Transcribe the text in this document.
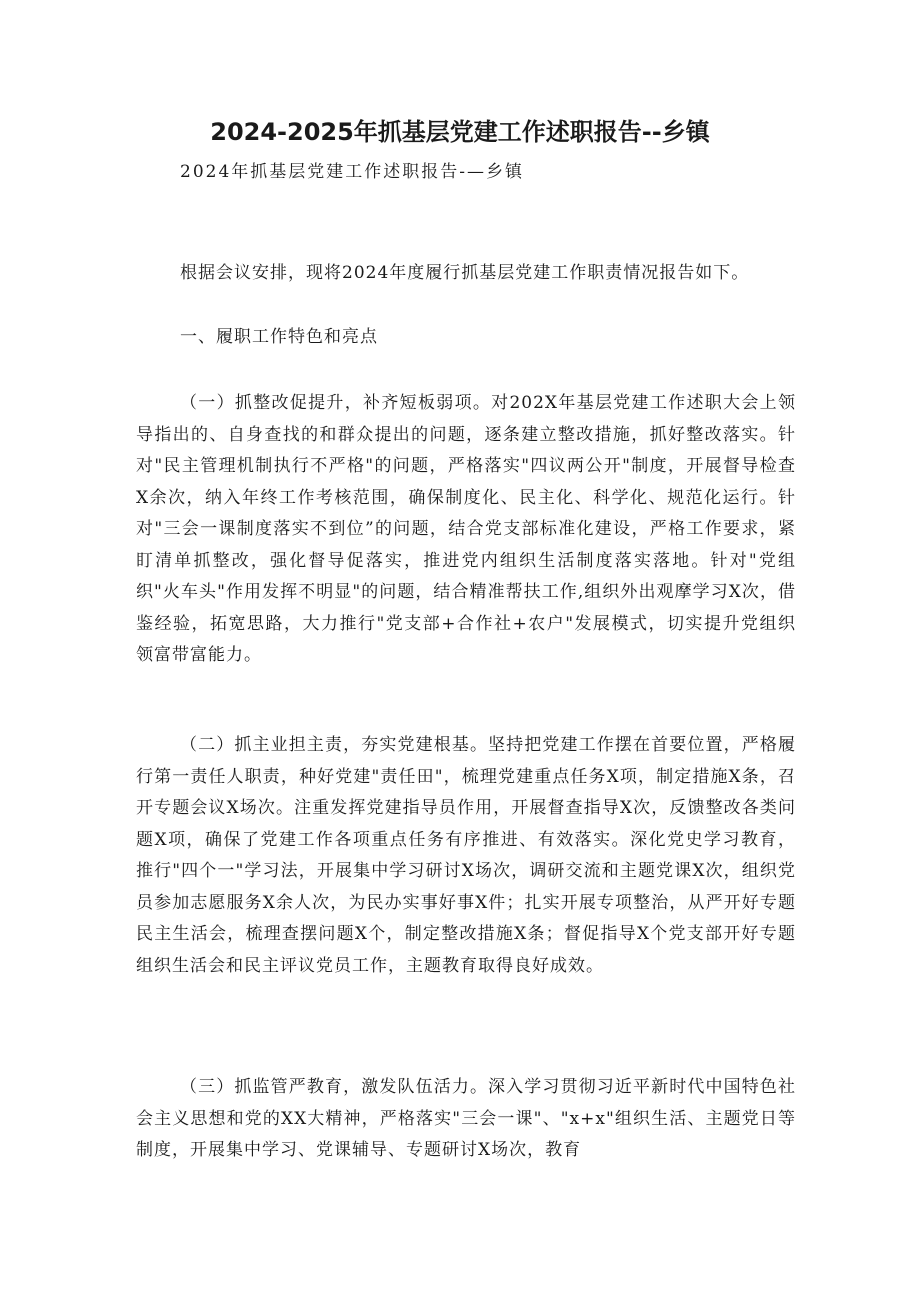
2024-2025年抓基层党建工作述职报告--乡镇

2024年抓基层党建工作述职报告-—乡镇

根据会议安排，现将2024年度履行抓基层党建工作职责情况报告如下。

一、履职工作特色和亮点

（一）抓整改促提升，补齐短板弱项。对202X年基层党建工作述职大会上领导指出的、自身查找的和群众提出的问题，逐条建立整改措施，抓好整改落实。针对"民主管理机制执行不严格"的问题，严格落实"四议两公开"制度，开展督导检查X余次，纳入年终工作考核范围，确保制度化、民主化、科学化、规范化运行。针对"三会一课制度落实不到位”的问题，结合党支部标准化建设，严格工作要求，紧盯清单抓整改，强化督导促落实，推进党内组织生活制度落实落地。针对"党组织"火车头"作用发挥不明显"的问题，结合精准帮扶工作,组织外出观摩学习X次，借鉴经验，拓宽思路，大力推行"党支部+合作社+农户"发展模式，切实提升党组织领富带富能力。

（二）抓主业担主责，夯实党建根基。坚持把党建工作摆在首要位置，严格履行第一责任人职责，种好党建"责任田"，梳理党建重点任务X项，制定措施X条，召开专题会议X场次。注重发挥党建指导员作用，开展督查指导X次，反馈整改各类问题X项，确保了党建工作各项重点任务有序推进、有效落实。深化党史学习教育，推行"四个一"学习法，开展集中学习研讨X场次，调研交流和主题党课X次，组织党员参加志愿服务X余人次，为民办实事好事X件；扎实开展专项整治，从严开好专题民主生活会，梳理查摆问题X个，制定整改措施X条；督促指导X个党支部开好专题组织生活会和民主评议党员工作，主题教育取得良好成效。

（三）抓监管严教育，激发队伍活力。深入学习贯彻习近平新时代中国特色社会主义思想和党的XX大精神，严格落实"三会一课"、"x+x"组织生活、主题党日等制度，开展集中学习、党课辅导、专题研讨X场次，教育
